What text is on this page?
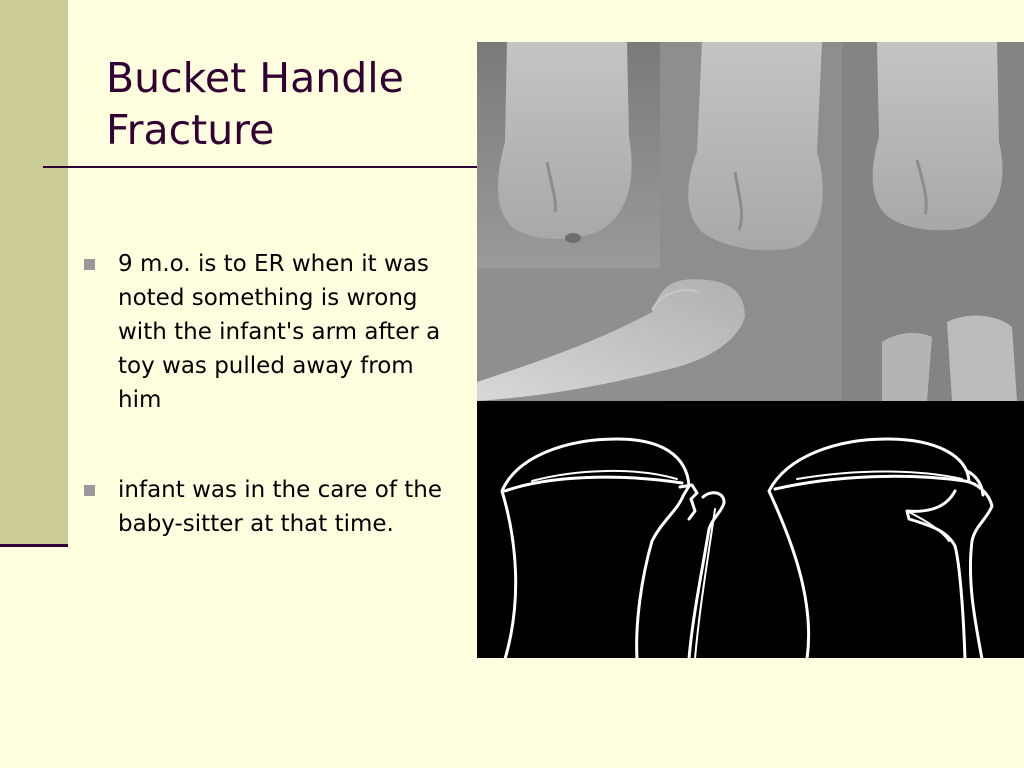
Bucket Handle
Fracture
9 m.o. is to ER when it was noted something is wrong with the infant's arm after a toy was pulled away from him
infant was in the care of the baby-sitter at that time.
